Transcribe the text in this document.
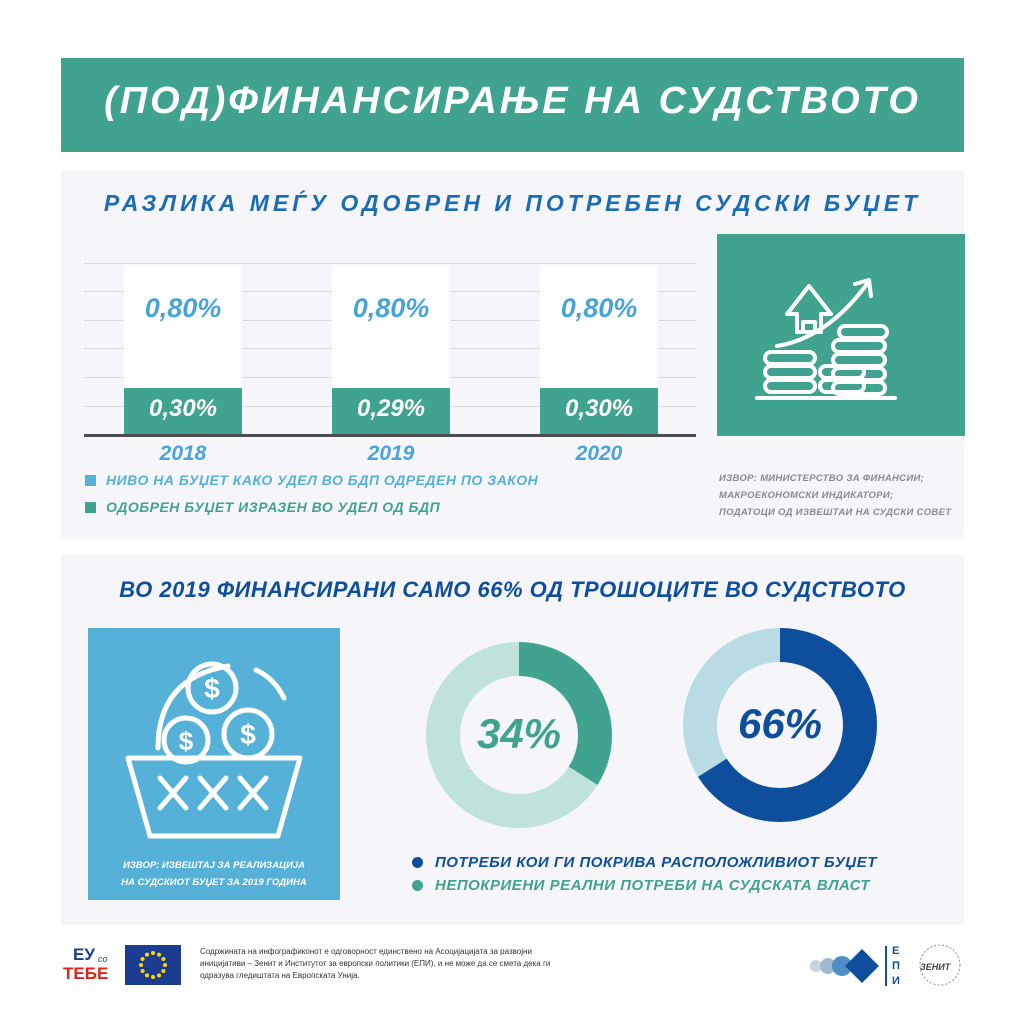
(ПОД)ФИНАНСИРАЊЕ НА СУДСТВОТО
РАЗЛИКА МЕЃУ ОДОБРЕН И ПОТРЕБЕН СУДСКИ БУЏЕТ
0,80%
0,30%
2018
0,80%
0,29%
2019
0,80%
0,30%
2020
НИВО НА БУЏЕТ КАКО УДЕЛ ВО БДП ОДРЕДЕН ПО ЗАКОН
ОДОБРЕН БУЏЕТ ИЗРАЗЕН ВО УДЕЛ ОД БДП
ИЗВОР: МИНИСТЕРСТВО ЗА ФИНАНСИИ;
МАКРОЕКОНОМСКИ ИНДИКАТОРИ;
ПОДАТОЦИ ОД ИЗВЕШТАИ НА СУДСКИ СОВЕТ
ВО 2019 ФИНАНСИРАНИ САМО 66% ОД ТРОШОЦИТЕ ВО СУДСТВОТО
$
$ $
ИЗВОР: ИЗВЕШТАЈ ЗА РЕАЛИЗАЦИЈА
НА СУДСКИОТ БУЏЕТ ЗА 2019 ГОДИНА
34%	66%
ПОТРЕБИ КОИ ГИ ПОКРИВА РАСПОЛОЖЛИВИОТ БУЏЕТ
НЕПОКРИЕНИ РЕАЛНИ ПОТРЕБИ НА СУДСКАТА ВЛАСТ
ЕУ со
ТЕБЕ
Содржината на инфографиконот е одговорност единствено на Асоцијацијата за развојни иницијативи – Зенит и Институтот за европски политики (ЕПИ), и не може да се смета дека ги одразува гледиштата на Европската Унија.
Е П И
ЗЕНИТ
